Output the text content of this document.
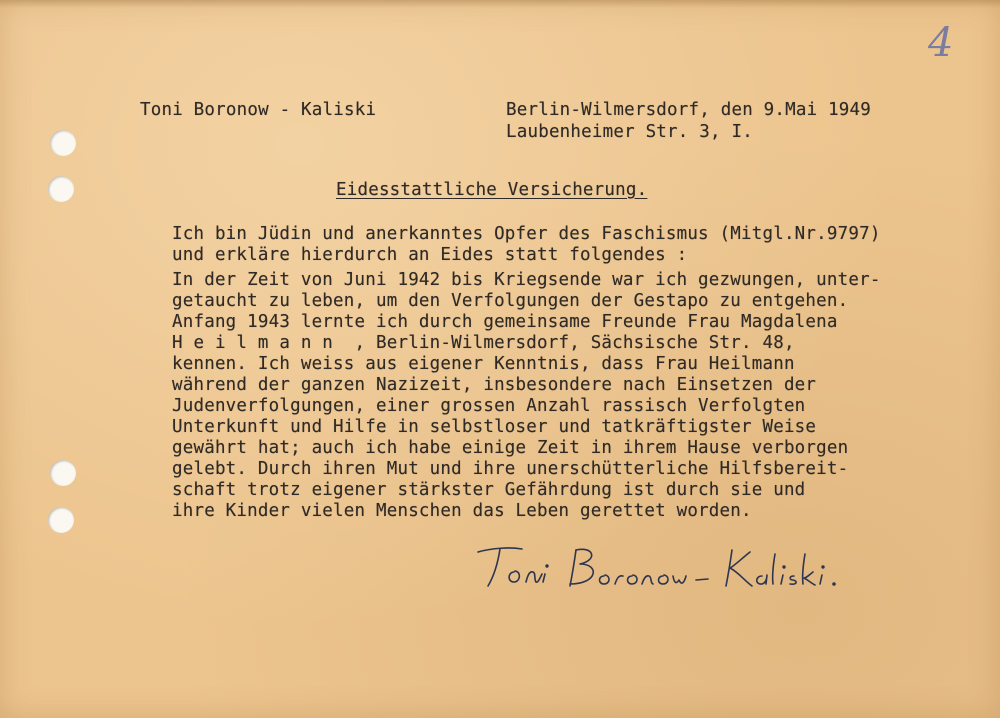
4
Toni Boronow - Kaliski	Berlin-Wilmersdorf, den 9.Mai 1949
Laubenheimer Str. 3, I.
Eidesstattliche Versicherung.
Ich bin Jüdin und anerkanntes Opfer des Faschismus (Mitgl.Nr.9797)
und erkläre hierdurch an Eides statt folgendes :
In der Zeit von Juni 1942 bis Kriegsende war ich gezwungen, unter-
getaucht zu leben, um den Verfolgungen der Gestapo zu entgehen.
Anfang 1943 lernte ich durch gemeinsame Freunde Frau Magdalena
H e i l m a n n  , Berlin-Wilmersdorf, Sächsische Str. 48,
kennen. Ich weiss aus eigener Kenntnis, dass Frau Heilmann
während der ganzen Nazizeit, insbesondere nach Einsetzen der
Judenverfolgungen, einer grossen Anzahl rassisch Verfolgten
Unterkunft und Hilfe in selbstloser und tatkräftigster Weise
gewährt hat; auch ich habe einige Zeit in ihrem Hause verborgen
gelebt. Durch ihren Mut und ihre unerschütterliche Hilfsbereit-
schaft trotz eigener stärkster Gefährdung ist durch sie und
ihre Kinder vielen Menschen das Leben gerettet worden.
